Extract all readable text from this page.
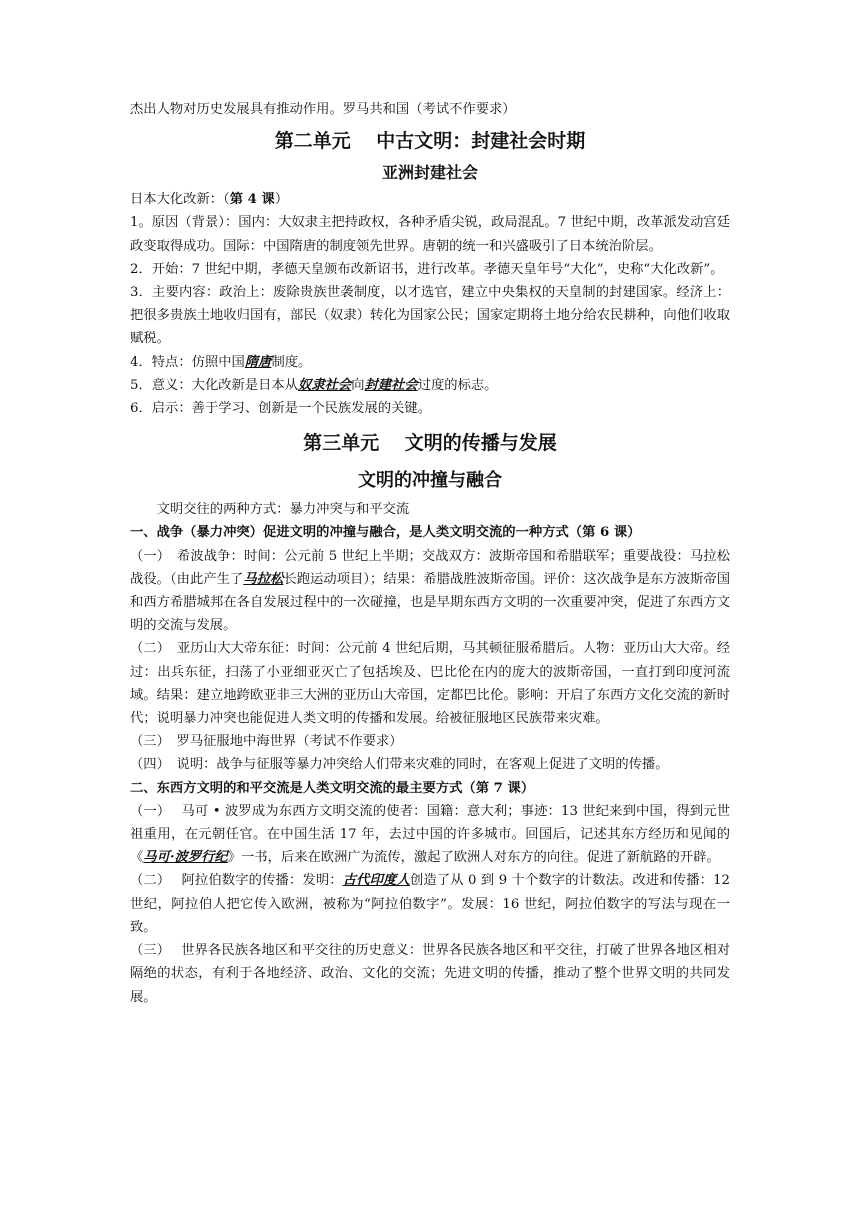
杰出人物对历史发展具有推动作用。罗马共和国（考试不作要求）

第二单元　 中古文明：封建社会时期
亚洲封建社会

日本大化改新：（第 4 课）

1。原因（背景）：国内：大奴隶主把持政权，各种矛盾尖锐，政局混乱。7 世纪中期，改革派发动宫廷政变取得成功。国际：中国隋唐的制度领先世界。唐朝的统一和兴盛吸引了日本统治阶层。

2．开始：7 世纪中期，孝德天皇颁布改新诏书，进行改革。孝德天皇年号“大化”，史称“大化改新”。

3．主要内容：政治上：废除贵族世袭制度，以才选官，建立中央集权的天皇制的封建国家。经济上：把很多贵族土地收归国有，部民（奴隶）转化为国家公民；国家定期将土地分给农民耕种，向他们收取赋税。

4．特点：仿照中国隋唐制度。

5．意义：大化改新是日本从奴隶社会向封建社会过度的标志。

6．启示：善于学习、创新是一个民族发展的关键。

第三单元　 文明的传播与发展
文明的冲撞与融合

文明交往的两种方式：暴力冲突与和平交流

一、战争（暴力冲突）促进文明的冲撞与融合，是人类文明交流的一种方式（第 6 课）

（一）　希波战争：时间：公元前 5 世纪上半期；交战双方：波斯帝国和希腊联军；重要战役：马拉松战役。（由此产生了马拉松长跑运动项目）；结果：希腊战胜波斯帝国。评价：这次战争是东方波斯帝国和西方希腊城邦在各自发展过程中的一次碰撞，也是早期东西方文明的一次重要冲突，促进了东西方文明的交流与发展。

（二）　亚历山大大帝东征：时间：公元前 4 世纪后期，马其顿征服希腊后。人物：亚历山大大帝。经过：出兵东征，扫荡了小亚细亚灭亡了包括埃及、巴比伦在内的庞大的波斯帝国，一直打到印度河流域。结果：建立地跨欧亚非三大洲的亚历山大帝国，定都巴比伦。影响：开启了东西方文化交流的新时代；说明暴力冲突也能促进人类文明的传播和发展。给被征服地区民族带来灾难。

（三）　罗马征服地中海世界（考试不作要求）

（四）　说明：战争与征服等暴力冲突给人们带来灾难的同时，在客观上促进了文明的传播。

二、东西方文明的和平交流是人类文明交流的最主要方式（第 7 课）

（一）　 马可 • 波罗成为东西方文明交流的使者：国籍：意大利；事迹：13 世纪来到中国，得到元世祖重用，在元朝任官。在中国生活 17 年，去过中国的许多城市。回国后，记述其东方经历和见闻的《马可·波罗行纪》一书，后来在欧洲广为流传，激起了欧洲人对东方的向往。促进了新航路的开辟。

（二）　 阿拉伯数字的传播：发明：古代印度人创造了从 0 到 9 十个数字的计数法。改进和传播：12 世纪，阿拉伯人把它传入欧洲，被称为“阿拉伯数字”。发展：16 世纪，阿拉伯数字的写法与现在一致。

（三）　 世界各民族各地区和平交往的历史意义：世界各民族各地区和平交往，打破了世界各地区相对隔绝的状态，有利于各地经济、政治、文化的交流；先进文明的传播，推动了整个世界文明的共同发展。
